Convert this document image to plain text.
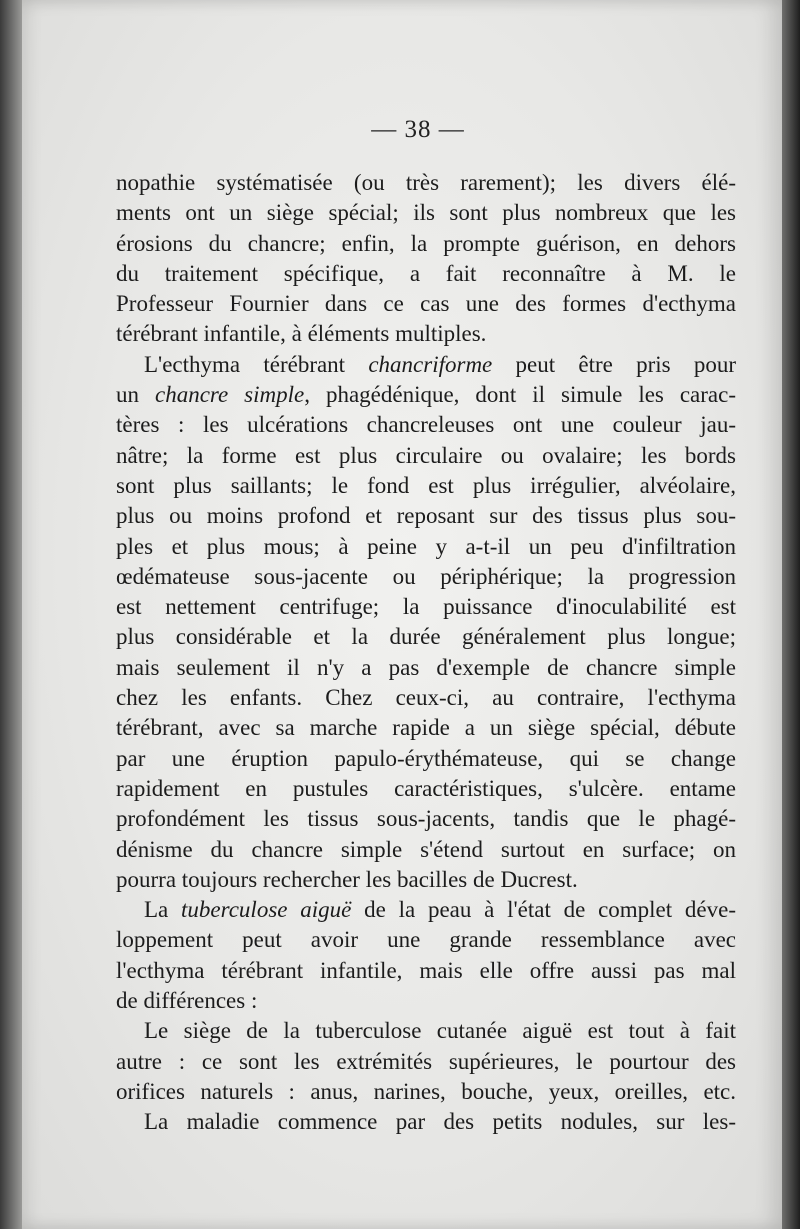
— 38 —
nopathie systématisée (ou très rarement); les divers élé-
ments ont un siège spécial; ils sont plus nombreux que les
érosions du chancre; enfin, la prompte guérison, en dehors
du traitement spécifique, a fait reconnaître à M. le
Professeur Fournier dans ce cas une des formes d'ecthyma
térébrant infantile, à éléments multiples.
L'ecthyma térébrant chancriforme peut être pris pour
un chancre simple, phagédénique, dont il simule les carac-
tères : les ulcérations chancreleuses ont une couleur jau-
nâtre; la forme est plus circulaire ou ovalaire; les bords
sont plus saillants; le fond est plus irrégulier, alvéolaire,
plus ou moins profond et reposant sur des tissus plus sou-
ples et plus mous; à peine y a-t-il un peu d'infiltration
œdémateuse sous-jacente ou périphérique; la progression
est nettement centrifuge; la puissance d'inoculabilité est
plus considérable et la durée généralement plus longue;
mais seulement il n'y a pas d'exemple de chancre simple
chez les enfants. Chez ceux-ci, au contraire, l'ecthyma
térébrant, avec sa marche rapide a un siège spécial, débute
par une éruption papulo-érythémateuse, qui se change
rapidement en pustules caractéristiques, s'ulcère. entame
profondément les tissus sous-jacents, tandis que le phagé-
dénisme du chancre simple s'étend surtout en surface; on
pourra toujours rechercher les bacilles de Ducrest.
La tuberculose aiguë de la peau à l'état de complet déve-
loppement peut avoir une grande ressemblance avec
l'ecthyma térébrant infantile, mais elle offre aussi pas mal
de différences :
Le siège de la tuberculose cutanée aiguë est tout à fait
autre : ce sont les extrémités supérieures, le pourtour des
orifices naturels : anus, narines, bouche, yeux, oreilles, etc.
La maladie commence par des petits nodules, sur les-
